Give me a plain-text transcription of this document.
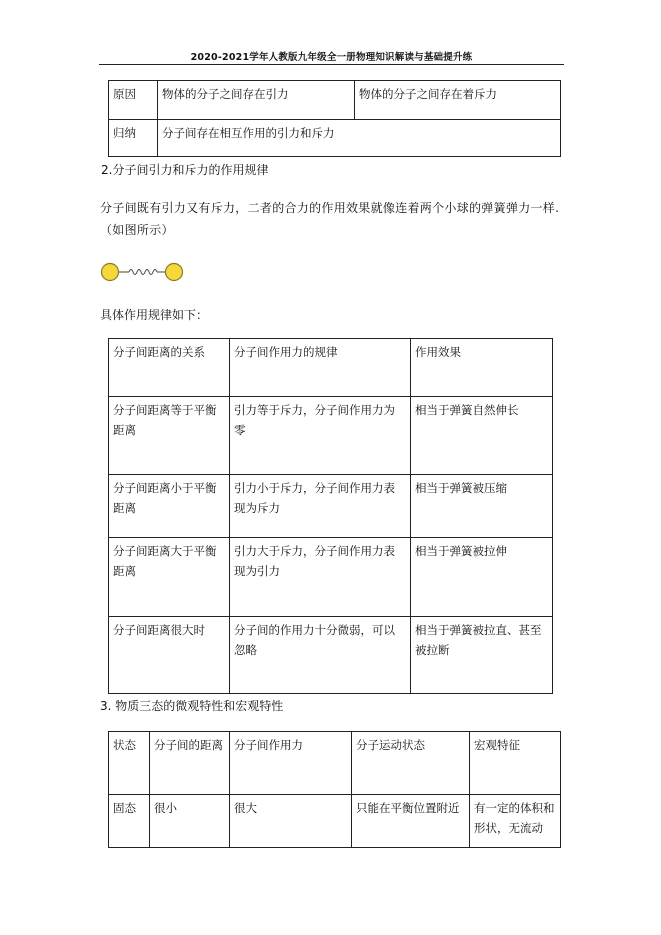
2020-2021学年人教版九年级全一册物理知识解读与基础提升练
原因	物体的分子之间存在引力	物体的分子之间存在着斥力
归纳	分子间存在相互作用的引力和斥力	
2.分子间引力和斥力的作用规律
分子间既有引力又有斥力，二者的合力的作用效果就像连着两个小球的弹簧弹力一样.（如图所示）
具体作用规律如下：
分子间距离的关系	分子间作用力的规律	作用效果
分子间距离等于平衡距离	引力等于斥力，分子间作用力为零	相当于弹簧自然伸长
分子间距离小于平衡距离	引力小于斥力，分子间作用力表现为斥力	相当于弹簧被压缩
分子间距离大于平衡距离	引力大于斥力，分子间作用力表现为引力	相当于弹簧被拉伸
分子间距离很大时	分子间的作用力十分微弱，可以忽略	相当于弹簧被拉直、甚至被拉断
3. 物质三态的微观特性和宏观特性
状态	分子间的距离	分子间作用力	分子运动状态	宏观特征
固态	很小	很大	只能在平衡位置附近	有一定的体积和形状，无流动
